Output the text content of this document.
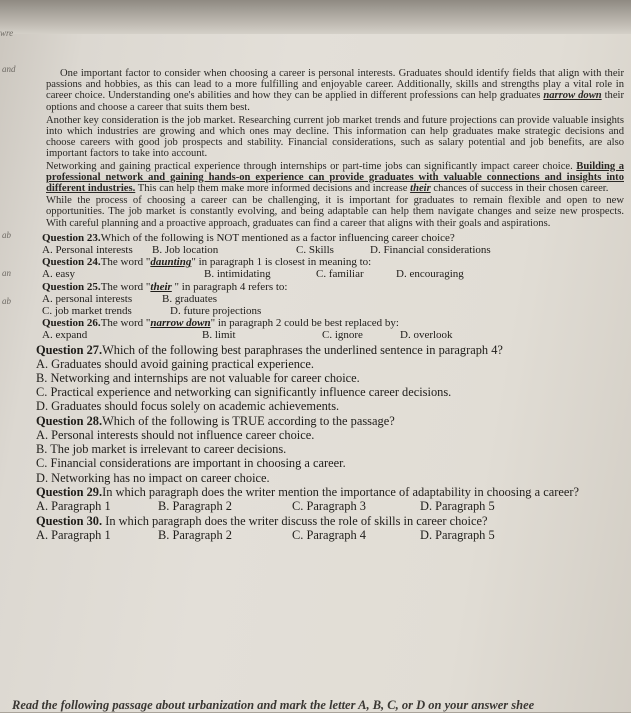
wre
and
ab
an
ab

One important factor to consider when choosing a career is personal interests. Graduates should identify fields that align with their passions and hobbies, as this can lead to a more fulfilling and enjoyable career. Additionally, skills and strengths play a vital role in career choice. Understanding one's abilities and how they can be applied in different professions can help graduates narrow down their options and choose a career that suits them best.

Another key consideration is the job market. Researching current job market trends and future projections can provide valuable insights into which industries are growing and which ones may decline. This information can help graduates make strategic decisions and choose careers with good job prospects and stability. Financial considerations, such as salary potential and job benefits, are also important factors to take into account.

Networking and gaining practical experience through internships or part-time jobs can significantly impact career choice. Building a professional network and gaining hands-on experience can provide graduates with valuable connections and insights into different industries. This can help them make more informed decisions and increase their chances of success in their chosen career.

While the process of choosing a career can be challenging, it is important for graduates to remain flexible and open to new opportunities. The job market is constantly evolving, and being adaptable can help them navigate changes and seize new prospects. With careful planning and a proactive approach, graduates can find a career that aligns with their goals and aspirations.

Question 23.Which of the following is NOT mentioned as a factor influencing career choice?

A. Personal interests	B. Job location	C. Skills	D. Financial considerations

Question 24.The word "daunting" in paragraph 1 is closest in meaning to:

A. easy	B. intimidating	C. familiar	D. encouraging

Question 25.The word "their " in paragraph 4 refers to:

A. personal interests	B. graduates
C. job market trends	D. future projections

Question 26.The word "narrow down" in paragraph 2 could be best replaced by:

A. expand	B. limit	C. ignore	D. overlook

Question 27.Which of the following best paraphrases the underlined sentence in paragraph 4?

A. Graduates should avoid gaining practical experience.

B. Networking and internships are not valuable for career choice.

C. Practical experience and networking can significantly influence career decisions.

D. Graduates should focus solely on academic achievements.

Question 28.Which of the following is TRUE according to the passage?

A. Personal interests should not influence career choice.

B. The job market is irrelevant to career decisions.

C. Financial considerations are important in choosing a career.

D. Networking has no impact on career choice.

Question 29.In which paragraph does the writer mention the importance of adaptability in choosing a career?

A. Paragraph 1	B. Paragraph 2	C. Paragraph 3	D. Paragraph 5

Question 30. In which paragraph does the writer discuss the role of skills in career choice?

A. Paragraph 1	B. Paragraph 2	C. Paragraph 4	D. Paragraph 5
Read the following passage about urbanization and mark the letter A, B, C, or D on your answer shee
